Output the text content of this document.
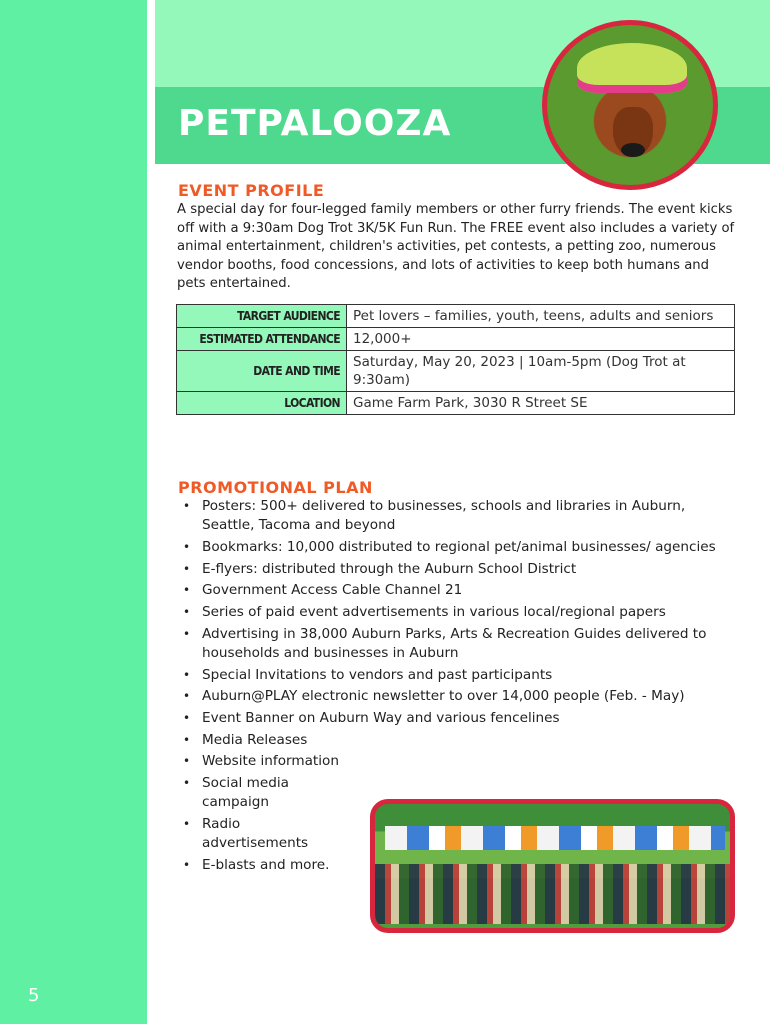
PETPALOOZA
EVENT PROFILE

A special day for four-legged family members or other furry friends. The event kicks off with a 9:30am Dog Trot 3K/5K Fun Run. The FREE event also includes a variety of animal entertainment, children's activities, pet contests, a petting zoo, numerous vendor booths, food concessions, and lots of activities to keep both humans and pets entertained.

TARGET AUDIENCE	Pet lovers – families, youth, teens, adults and seniors
ESTIMATED ATTENDANCE	12,000+
DATE AND TIME	Saturday, May 20, 2023 | 10am-5pm (Dog Trot at 9:30am)
LOCATION	Game Farm Park, 3030 R Street SE
PROMOTIONAL PLAN
• Posters: 500+ delivered to businesses, schools and libraries in Auburn, Seattle, Tacoma and beyond
• Bookmarks: 10,000 distributed to regional pet/animal businesses/ agencies
• E-flyers: distributed through the Auburn School District
• Government Access Cable Channel 21
• Series of paid event advertisements in various local/regional papers
• Advertising in 38,000 Auburn Parks, Arts & Recreation Guides delivered to households and businesses in Auburn
• Special Invitations to vendors and past participants
• Auburn@PLAY electronic newsletter to over 14,000 people (Feb. - May)
• Event Banner on Auburn Way and various fencelines
• Media Releases
• Website information
• Social media campaign
• Radio advertisements
• E-blasts and more.

5
